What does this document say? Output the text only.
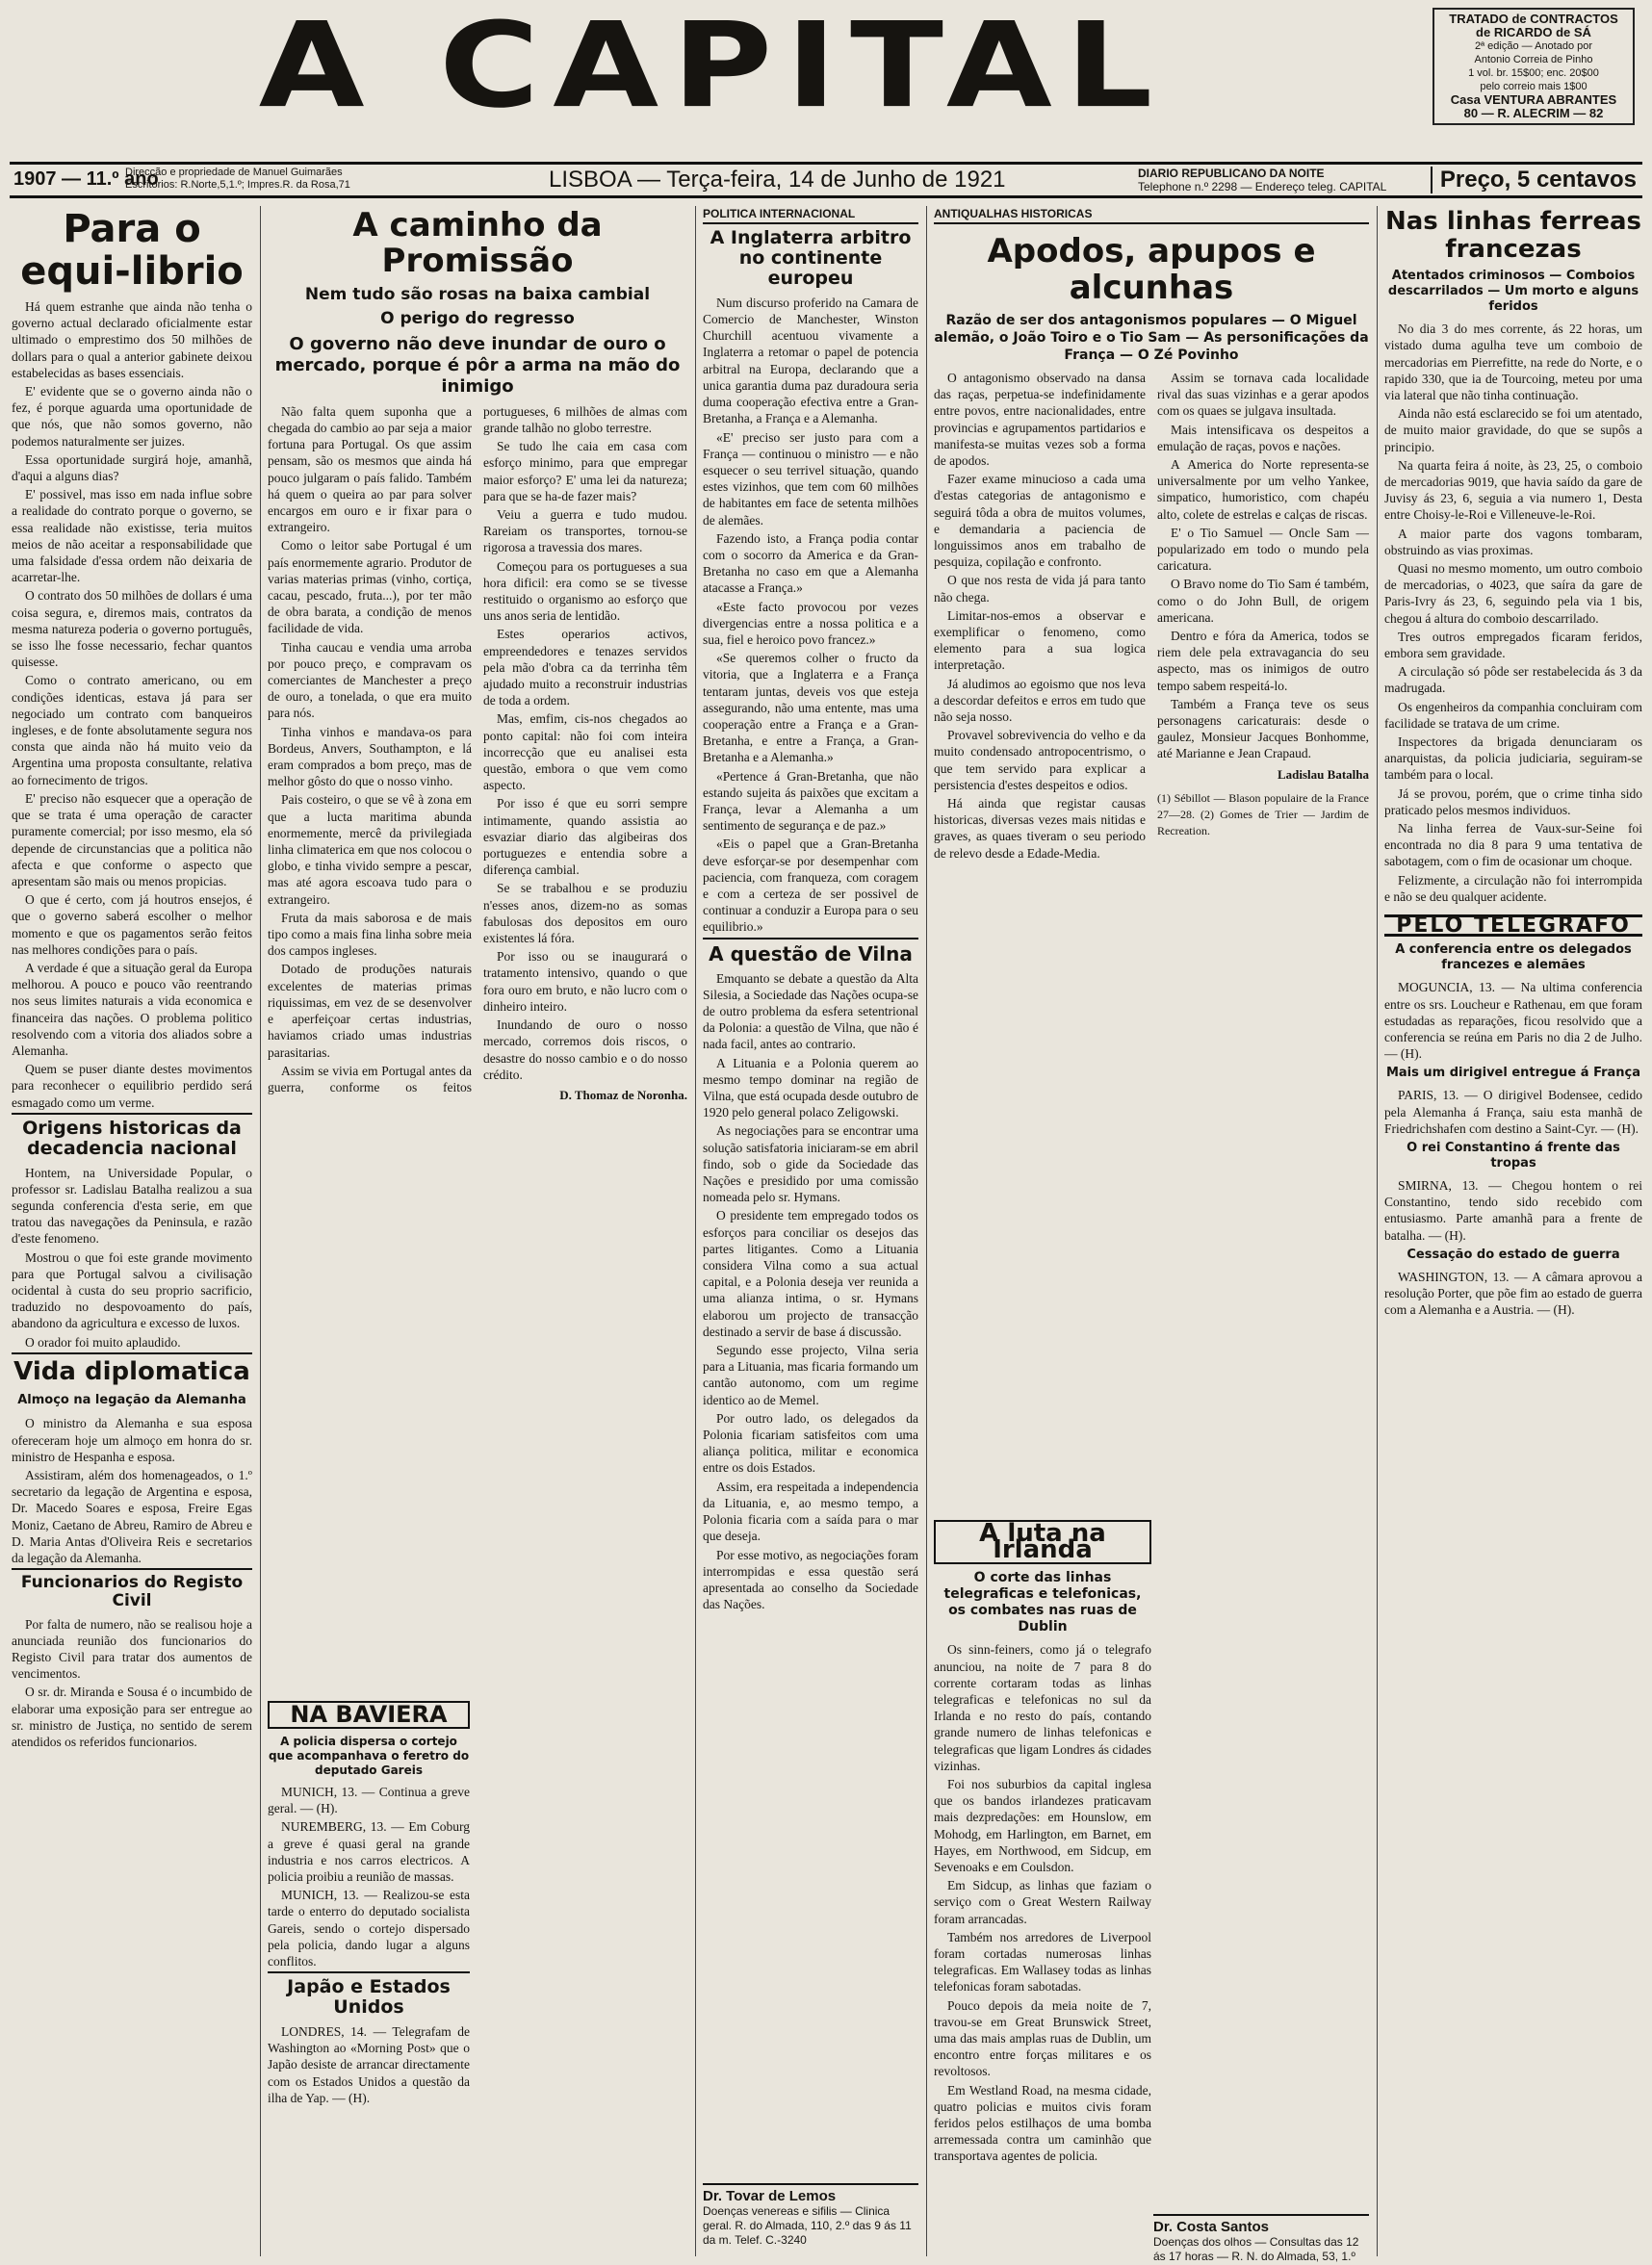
A CAPITAL	TRATADO de CONTRACTOS
de RICARDO de SÁ
2ª edição — Anotado por
Antonio Correia de Pinho
1 vol. br. 15$00; enc. 20$00
pelo correio mais 1$00
Casa VENTURA ABRANTES
80 — R. ALECRIM — 82
1907 — 11.º ano
Direcção e propriedade de Manuel Guimarães
Escritorios: R.Norte,5,1.º; Impres.R. da Rosa,71	LISBOA — Terça-feira, 14 de Junho de 1921	DIARIO REPUBLICANO DA NOITE
Telephone n.º 2298 — Endereço teleg. CAPITAL	Preço, 5 centavos
Para o equi-librio

Há quem estranhe que ainda não tenha o governo actual declarado oficialmente estar ultimado o emprestimo dos 50 milhões de dollars para o qual a anterior gabinete deixou estabelecidas as bases essenciais.

E' evidente que se o governo ainda não o fez, é porque aguarda uma oportunidade de que nós, que não somos governo, não podemos naturalmente ser juizes.

Essa oportunidade surgirá hoje, amanhã, d'aqui a alguns dias?

E' possivel, mas isso em nada influe sobre a realidade do contrato porque o governo, se essa realidade não existisse, teria muitos meios de não aceitar a responsabilidade que uma falsidade d'essa ordem não deixaria de acarretar-lhe.

O contrato dos 50 milhões de dollars é uma coisa segura, e, diremos mais, contratos da mesma natureza poderia o governo português, se isso lhe fosse necessario, fechar quantos quisesse.

Como o contrato americano, ou em condições identicas, estava já para ser negociado um contrato com banqueiros ingleses, e de fonte absolutamente segura nos consta que ainda não há muito veio da Argentina uma proposta consultante, relativa ao fornecimento de trigos.

E' preciso não esquecer que a operação de que se trata é uma operação de caracter puramente comercial; por isso mesmo, ela só depende de circunstancias que a politica não afecta e que conforme o aspecto que apresentam são mais ou menos propicias.

O que é certo, com já houtros ensejos, é que o governo saberá escolher o melhor momento e que os pagamentos serão feitos nas melhores condições para o país.

A verdade é que a situação geral da Europa melhorou. A pouco e pouco vão reentrando nos seus limites naturais a vida economica e financeira das nações. O problema politico resolvendo com a vitoria dos aliados sobre a Alemanha.

Quem se puser diante destes movimentos para reconhecer o equilibrio perdido será esmagado como um verme.

Origens historicas da decadencia nacional

Hontem, na Universidade Popular, o professor sr. Ladislau Batalha realizou a sua segunda conferencia d'esta serie, em que tratou das navegações da Peninsula, e razão d'este fenomeno.

Mostrou o que foi este grande movimento para que Portugal salvou a civilisação ocidental à custa do seu proprio sacrificio, traduzido no despovoamento do país, abandono da agricultura e excesso de luxos.

O orador foi muito aplaudido.

Vida diplomatica
Almoço na legação da Alemanha

O ministro da Alemanha e sua esposa ofereceram hoje um almoço em honra do sr. ministro de Hespanha e esposa.

Assistiram, além dos homenageados, o 1.º secretario da legação de Argentina e esposa, Dr. Macedo Soares e esposa, Freire Egas Moniz, Caetano de Abreu, Ramiro de Abreu e D. Maria Antas d'Oliveira Reis e secretarios da legação da Alemanha.

Funcionarios do Registo Civil

Por falta de numero, não se realisou hoje a anunciada reunião dos funcionarios do Registo Civil para tratar dos aumentos de vencimentos.

O sr. dr. Miranda e Sousa é o incumbido de elaborar uma exposição para ser entregue ao sr. ministro de Justiça, no sentido de serem atendidos os referidos funcionarios.

A caminho da Promissão
Nem tudo são rosas na baixa cambial
O perigo do regresso
O governo não deve inundar de ouro o mercado, porque é pôr a arma na mão do inimigo

Não falta quem suponha que a chegada do cambio ao par seja a maior fortuna para Portugal. Os que assim pensam, são os mesmos que ainda há pouco julgaram o país falido. Também há quem o queira ao par para solver encargos em ouro e ir fixar para o extrangeiro.

Como o leitor sabe Portugal é um país enormemente agrario. Produtor de varias materias primas (vinho, cortiça, cacau, pescado, fruta...), por ter mão de obra barata, a condição de menos facilidade de vida.

Tinha caucau e vendia uma arroba por pouco preço, e compravam os comerciantes de Manchester a preço de ouro, a tonelada, o que era muito para nós.

Tinha vinhos e mandava-os para Bordeus, Anvers, Southampton, e lá eram comprados a bom preço, mas de melhor gôsto do que o nosso vinho.

Pais costeiro, o que se vê à zona em que a lucta maritima abunda enormemente, mercê da privilegiada linha climaterica em que nos colocou o globo, e tinha vivido sempre a pescar, mas até agora escoava tudo para o extrangeiro.

Fruta da mais saborosa e de mais tipo como a mais fina linha sobre meia dos campos ingleses.

Dotado de produções naturais excelentes de materias primas riquissimas, em vez de se desenvolver e aperfeiçoar certas industrias, haviamos criado umas industrias parasitarias.

Assim se vivia em Portugal antes da guerra, conforme os feitos portugueses, 6 milhões de almas com grande talhão no globo terrestre.

Se tudo lhe caia em casa com esforço minimo, para que empregar maior esforço? E' uma lei da natureza; para que se ha-de fazer mais?

Veiu a guerra e tudo mudou. Rareiam os transportes, tornou-se rigorosa a travessia dos mares.

Começou para os portugueses a sua hora dificil: era como se se tivesse restituido o organismo ao esforço que uns anos seria de lentidão.

Estes operarios activos, empreendedores e tenazes servidos pela mão d'obra ca da terrinha têm ajudado muito a reconstruir industrias de toda a ordem.

Mas, emfim, cis-nos chegados ao ponto capital: não foi com inteira incorrecção que eu analisei esta questão, embora o que vem como aspecto.

Por isso é que eu sorri sempre intimamente, quando assistia ao esvaziar diario das algibeiras dos portuguezes e entendia sobre a diferença cambial.

Se se trabalhou e se produziu n'esses anos, dizem-no as somas fabulosas dos depositos em ouro existentes lá fóra.

Por isso ou se inaugurará o tratamento intensivo, quando o que fora ouro em bruto, e não lucro com o dinheiro inteiro.

Inundando de ouro o nosso mercado, corremos dois riscos, o desastre do nosso cambio e o do nosso crédito.

D. Thomaz de Noronha.
NA BAVIERA
A policia dispersa o cortejo que acompanhava o feretro do deputado Gareis

MUNICH, 13. — Continua a greve geral. — (H).

NUREMBERG, 13. — Em Coburg a greve é quasi geral na grande industria e nos carros electricos. A policia proibiu a reunião de massas.

MUNICH, 13. — Realizou-se esta tarde o enterro do deputado socialista Gareis, sendo o cortejo dispersado pela policia, dando lugar a alguns conflitos.

Japão e Estados Unidos

LONDRES, 14. — Telegrafam de Washington ao «Morning Post» que o Japão desiste de arrancar directamente com os Estados Unidos a questão da ilha de Yap. — (H).

POLITICA INTERNACIONAL
A Inglaterra arbitro no continente europeu

Num discurso proferido na Camara de Comercio de Manchester, Winston Churchill acentuou vivamente a Inglaterra a retomar o papel de potencia arbitral na Europa, declarando que a unica garantia duma paz duradoura seria duma cooperação efectiva entre a Gran-Bretanha, a França e a Alemanha.

«E' preciso ser justo para com a França — continuou o ministro — e não esquecer o seu terrivel situação, quando estes vizinhos, que tem com 60 milhões de habitantes em face de setenta milhões de alemães.

Fazendo isto, a França podia contar com o socorro da America e da Gran-Bretanha no caso em que a Alemanha atacasse a França.»

«Este facto provocou por vezes divergencias entre a nossa politica e a sua, fiel e heroico povo francez.»

«Se queremos colher o fructo da vitoria, que a Inglaterra e a França tentaram juntas, deveis vos que esteja assegurando, não uma entente, mas uma cooperação entre a França e a Gran-Bretanha, e entre a França, a Gran-Bretanha e a Alemanha.»

«Pertence á Gran-Bretanha, que não estando sujeita ás paixões que excitam a França, levar a Alemanha a um sentimento de segurança e de paz.»

«Eis o papel que a Gran-Bretanha deve esforçar-se por desempenhar com paciencia, com franqueza, com coragem e com a certeza de ser possivel de continuar a conduzir a Europa para o seu equilibrio.»

A questão de Vilna

Emquanto se debate a questão da Alta Silesia, a Sociedade das Nações ocupa-se de outro problema da esfera setentrional da Polonia: a questão de Vilna, que não é nada facil, antes ao contrario.

A Lituania e a Polonia querem ao mesmo tempo dominar na região de Vilna, que está ocupada desde outubro de 1920 pelo general polaco Zeligowski.

As negociações para se encontrar uma solução satisfatoria iniciaram-se em abril findo, sob o gide da Sociedade das Nações e presidido por uma comissão nomeada pelo sr. Hymans.

O presidente tem empregado todos os esforços para conciliar os desejos das partes litigantes. Como a Lituania considera Vilna como a sua actual capital, e a Polonia deseja ver reunida a uma alianza intima, o sr. Hymans elaborou um projecto de transacção destinado a servir de base á discussão.

Segundo esse projecto, Vilna seria para a Lituania, mas ficaria formando um cantão autonomo, com um regime identico ao de Memel.

Por outro lado, os delegados da Polonia ficariam satisfeitos com uma aliança politica, militar e economica entre os dois Estados.

Assim, era respeitada a independencia da Lituania, e, ao mesmo tempo, a Polonia ficaria com a saída para o mar que deseja.

Por esse motivo, as negociações foram interrompidas e essa questão será apresentada ao conselho da Sociedade das Nações.

Dr. Tovar de Lemos
Doenças venereas e sifilis — Clinica geral. R. do Almada, 110, 2.º das 9 ás 11 da m. Telef. C.-3240
ANTIQUALHAS HISTORICAS
Apodos, apupos e alcunhas
Razão de ser dos antagonismos populares — O Miguel alemão, o João Toiro e o Tio Sam — As personificações da França — O Zé Povinho

O antagonismo observado na dansa das raças, perpetua-se indefinidamente entre povos, entre nacionalidades, entre provincias e agrupamentos partidarios e manifesta-se muitas vezes sob a forma de apodos.

Fazer exame minucioso a cada uma d'estas categorias de antagonismo e seguirá tôda a obra de muitos volumes, e demandaria a paciencia de longuissimos anos em trabalho de pesquiza, copilação e confronto.

O que nos resta de vida já para tanto não chega.

Limitar-nos-emos a observar e exemplificar o fenomeno, como elemento para a sua logica interpretação.

Já aludimos ao egoismo que nos leva a descordar defeitos e erros em tudo que não seja nosso.

Provavel sobrevivencia do velho e da muito condensado antropocentrismo, o que tem servido para explicar a persistencia d'estes despeitos e odios.

Há ainda que registar causas historicas, diversas vezes mais nitidas e graves, as quaes tiveram o seu periodo de relevo desde a Edade-Media.

Assim se tornava cada localidade rival das suas vizinhas e a gerar apodos com os quaes se julgava insultada.

Mais intensificava os despeitos a emulação de raças, povos e nações.

A America do Norte representa-se universalmente por um velho Yankee, simpatico, humoristico, com chapéu alto, colete de estrelas e calças de riscas.

E' o Tio Samuel — Oncle Sam — popularizado em todo o mundo pela caricatura.

O Bravo nome do Tio Sam é também, como o do John Bull, de origem americana.

Dentro e fóra da America, todos se riem dele pela extravagancia do seu aspecto, mas os inimigos de outro tempo sabem respeitá-lo.

Também a França teve os seus personagens caricaturais: desde o gaulez, Monsieur Jacques Bonhomme, até Marianne e Jean Crapaud.

Ladislau Batalha

(1) Sébillot — Blason populaire de la France 27—28. (2) Gomes de Trier — Jardim de Recreation.

A luta na Irlanda
O corte das linhas telegraficas e telefonicas, os combates nas ruas de Dublin

Os sinn-feiners, como já o telegrafo anunciou, na noite de 7 para 8 do corrente cortaram todas as linhas telegraficas e telefonicas no sul da Irlanda e no resto do país, contando grande numero de linhas telefonicas e telegraficas que ligam Londres ás cidades vizinhas.

Foi nos suburbios da capital inglesa que os bandos irlandezes praticavam mais dezpredações: em Hounslow, em Mohodg, em Harlington, em Barnet, em Hayes, em Northwood, em Sidcup, em Sevenoaks e em Coulsdon.

Em Sidcup, as linhas que faziam o serviço com o Great Western Railway foram arrancadas.

Também nos arredores de Liverpool foram cortadas numerosas linhas telegraficas. Em Wallasey todas as linhas telefonicas foram sabotadas.

Pouco depois da meia noite de 7, travou-se em Great Brunswick Street, uma das mais amplas ruas de Dublin, um encontro entre forças militares e os revoltosos.

Em Westland Road, na mesma cidade, quatro policias e muitos civis foram feridos pelos estilhaços de uma bomba arremessada contra um caminhão que transportava agentes de policia.

Dr. Costa Santos
Doenças dos olhos — Consultas das 12 ás 17 horas — R. N. do Almada, 53, 1.º
Nas linhas ferreas francezas
Atentados criminosos — Comboios descarrilados — Um morto e alguns feridos

No dia 3 do mes corrente, ás 22 horas, um vistado duma agulha teve um comboio de mercadorias em Pierrefitte, na rede do Norte, e o rapido 330, que ia de Tourcoing, meteu por uma via lateral que não tinha continuação.

Ainda não está esclarecido se foi um atentado, de muito maior gravidade, do que se supôs a principio.

Na quarta feira á noite, às 23, 25, o comboio de mercadorias 9019, que havia saído da gare de Juvisy ás 23, 6, seguia a via numero 1, Desta entre Choisy-le-Roi e Villeneuve-le-Roi.

A maior parte dos vagons tombaram, obstruindo as vias proximas.

Quasi no mesmo momento, um outro comboio de mercadorias, o 4023, que saíra da gare de Paris-Ivry ás 23, 6, seguindo pela via 1 bis, chegou á altura do comboio descarrilado.

Tres outros empregados ficaram feridos, embora sem gravidade.

A circulação só pôde ser restabelecida ás 3 da madrugada.

Os engenheiros da companhia concluiram com facilidade se tratava de um crime.

Inspectores da brigada denunciaram os anarquistas, da policia judiciaria, seguiram-se também para o local.

Já se provou, porém, que o crime tinha sido praticado pelos mesmos individuos.

Na linha ferrea de Vaux-sur-Seine foi encontrada no dia 8 para 9 uma tentativa de sabotagem, com o fim de ocasionar um choque.

Felizmente, a circulação não foi interrompida e não se deu qualquer acidente.

PELO TELEGRAFO
A conferencia entre os delegados francezes e alemães

MOGUNCIA, 13. — Na ultima conferencia entre os srs. Loucheur e Rathenau, em que foram estudadas as reparações, ficou resolvido que a conferencia se reúna em Paris no dia 2 de Julho. — (H).

Mais um dirigivel entregue á França

PARIS, 13. — O dirigivel Bodensee, cedido pela Alemanha á França, saiu esta manhã de Friedrichshafen com destino a Saint-Cyr. — (H).

O rei Constantino á frente das tropas

SMIRNA, 13. — Chegou hontem o rei Constantino, tendo sido recebido com entusiasmo. Parte amanhã para a frente de batalha. — (H).

Cessação do estado de guerra

WASHINGTON, 13. — A câmara aprovou a resolução Porter, que põe fim ao estado de guerra com a Alemanha e a Austria. — (H).
